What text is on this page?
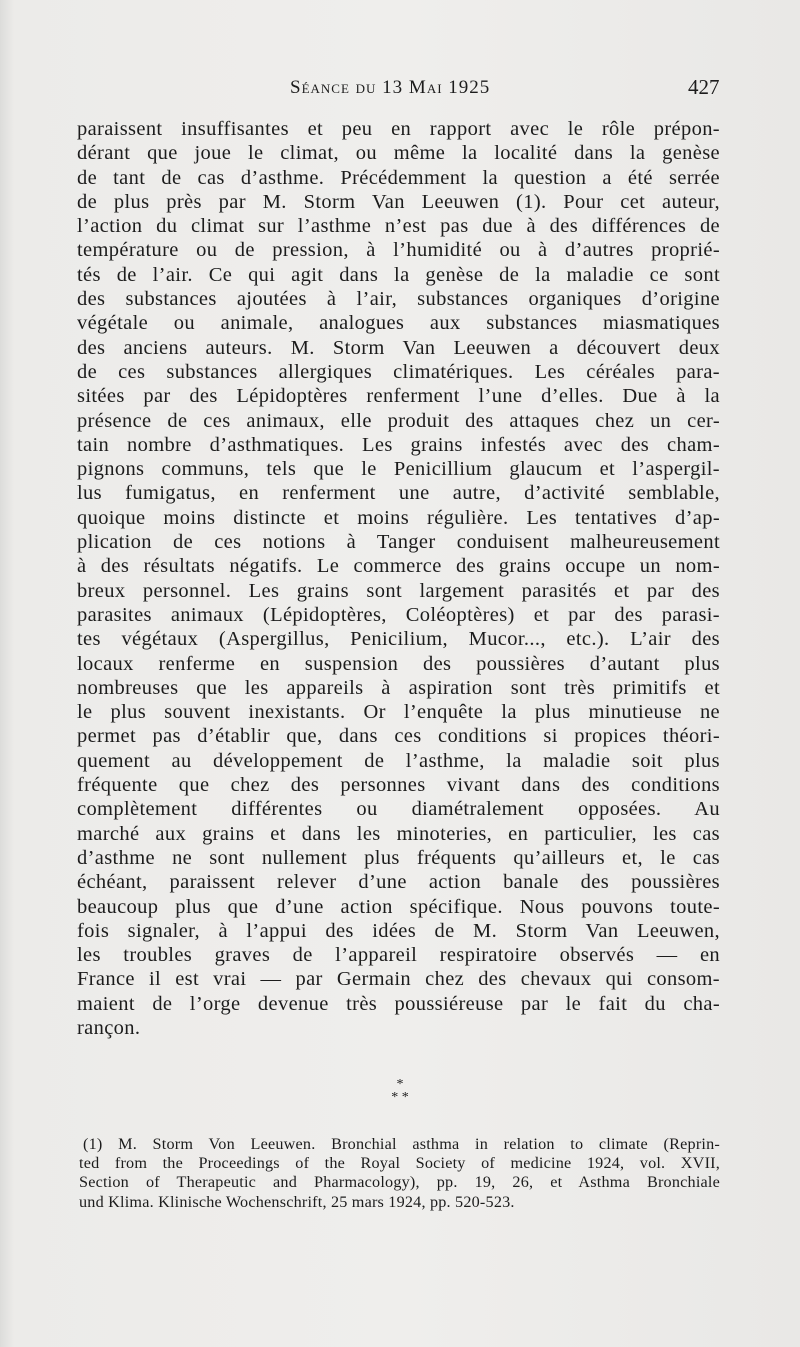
Séance du 13 Mai 1925	427
paraissent insuffisantes et peu en rapport avec le rôle prépon-
dérant que joue le climat, ou même la localité dans la genèse
de tant de cas d’asthme. Précédemment la question a été serrée
de plus près par M. Storm Van Leeuwen (1). Pour cet auteur,
l’action du climat sur l’asthme n’est pas due à des différences de
température ou de pression, à l’humidité ou à d’autres proprié-
tés de l’air. Ce qui agit dans la genèse de la maladie ce sont
des substances ajoutées à l’air, substances organiques d’origine
végétale ou animale, analogues aux substances miasmatiques
des anciens auteurs. M. Storm Van Leeuwen a découvert deux
de ces substances allergiques climatériques. Les céréales para-
sitées par des Lépidoptères renferment l’une d’elles. Due à la
présence de ces animaux, elle produit des attaques chez un cer-
tain nombre d’asthmatiques. Les grains infestés avec des cham-
pignons communs, tels que le Penicillium glaucum et l’aspergil-
lus fumigatus, en renferment une autre, d’activité semblable,
quoique moins distincte et moins régulière. Les tentatives d’ap-
plication de ces notions à Tanger conduisent malheureusement
à des résultats négatifs. Le commerce des grains occupe un nom-
breux personnel. Les grains sont largement parasités et par des
parasites animaux (Lépidoptères, Coléoptères) et par des parasi-
tes végétaux (Aspergillus, Penicilium, Mucor..., etc.). L’air des
locaux renferme en suspension des poussières d’autant plus
nombreuses que les appareils à aspiration sont très primitifs et
le plus souvent inexistants. Or l’enquête la plus minutieuse ne
permet pas d’établir que, dans ces conditions si propices théori-
quement au développement de l’asthme, la maladie soit plus
fréquente que chez des personnes vivant dans des conditions
complètement différentes ou diamétralement opposées. Au
marché aux grains et dans les minoteries, en particulier, les cas
d’asthme ne sont nullement plus fréquents qu’ailleurs et, le cas
échéant, paraissent relever d’une action banale des poussières
beaucoup plus que d’une action spécifique. Nous pouvons toute-
fois signaler, à l’appui des idées de M. Storm Van Leeuwen,
les troubles graves de l’appareil respiratoire observés — en
France il est vrai — par Germain chez des chevaux qui consom-
maient de l’orge devenue très poussiéreuse par le fait du cha-
rançon.
*
* *
(1) M. Storm Von Leeuwen. Bronchial asthma in relation to climate (Reprin-
ted from the Proceedings of the Royal Society of medicine 1924, vol. XVII,
Section of Therapeutic and Pharmacology), pp. 19, 26, et Asthma Bronchiale
und Klima. Klinische Wochenschrift, 25 mars 1924, pp. 520-523.
